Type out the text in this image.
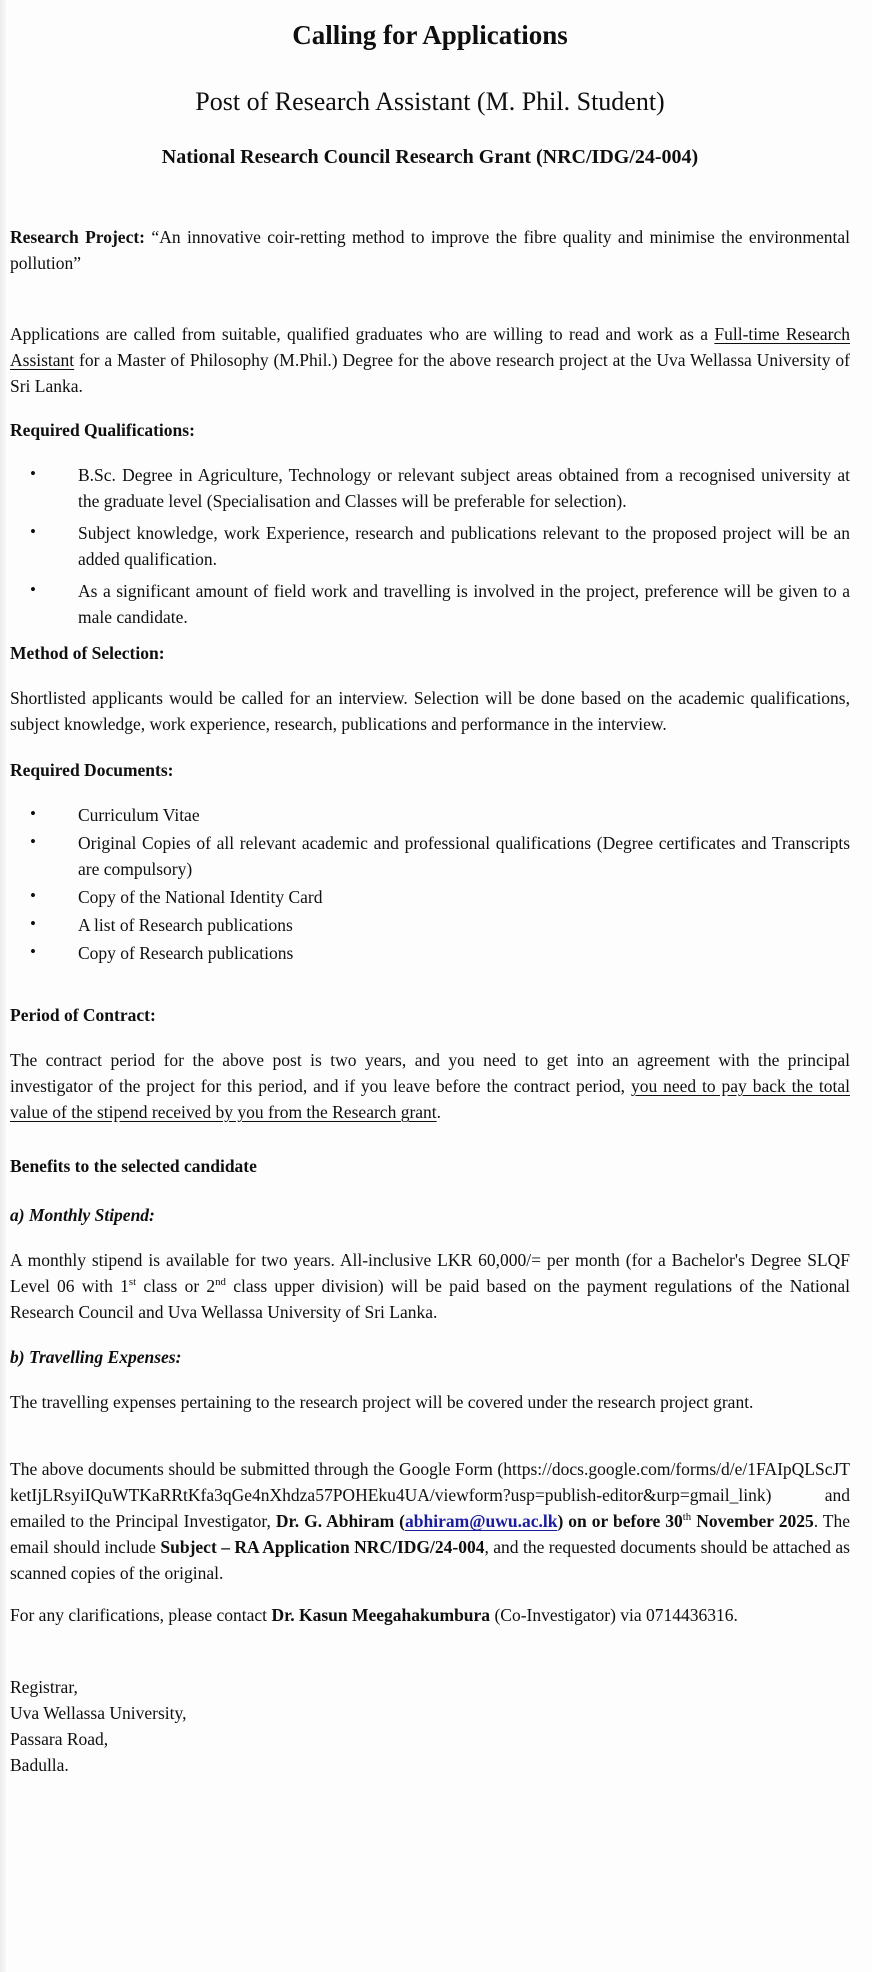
Calling for Applications
Post of Research Assistant (M. Phil. Student)
National Research Council Research Grant (NRC/IDG/24-004)

Research Project: “An innovative coir-retting method to improve the fibre quality and minimise the environmental pollution”

Applications are called from suitable, qualified graduates who are willing to read and work as a Full-time Research Assistant for a Master of Philosophy (M.Phil.) Degree for the above research project at the Uva Wellassa University of Sri Lanka.

Required Qualifications:

• B.Sc. Degree in Agriculture, Technology or relevant subject areas obtained from a recognised university at the graduate level (Specialisation and Classes will be preferable for selection).
• Subject knowledge, work Experience, research and publications relevant to the proposed project will be an added qualification.
• As a significant amount of field work and travelling is involved in the project, preference will be given to a male candidate.

Method of Selection:

Shortlisted applicants would be called for an interview. Selection will be done based on the academic qualifications, subject knowledge, work experience, research, publications and performance in the interview.

Required Documents:

• Curriculum Vitae
• Original Copies of all relevant academic and professional qualifications (Degree certificates and Transcripts are compulsory)
• Copy of the National Identity Card
• A list of Research publications
• Copy of Research publications

Period of Contract:

The contract period for the above post is two years, and you need to get into an agreement with the principal investigator of the project for this period, and if you leave before the contract period, you need to pay back the total value of the stipend received by you from the Research grant.

Benefits to the selected candidate

a) Monthly Stipend:

A monthly stipend is available for two years. All-inclusive LKR 60,000/= per month (for a Bachelor's Degree SLQF Level 06 with 1st class or 2nd class upper division) will be paid based on the payment regulations of the National Research Council and Uva Wellassa University of Sri Lanka.

b) Travelling Expenses:

The travelling expenses pertaining to the research project will be covered under the research project grant.

The above documents should be submitted through the Google Form (https://docs.google.com/forms/d/e/1FAIpQLScJTketIjLRsyiIQuWTKaRRtKfa3qGe4nXhdza57POHEku4UA/viewform?usp=publish-editor&urp=gmail_link) and emailed to the Principal Investigator, Dr. G. Abhiram (abhiram@uwu.ac.lk) on or before 30th November 2025. The email should include Subject – RA Application NRC/IDG/24-004, and the requested documents should be attached as scanned copies of the original.

For any clarifications, please contact Dr. Kasun Meegahakumbura (Co-Investigator) via 0714436316.

Registrar,
Uva Wellassa University,
Passara Road,
Badulla.
